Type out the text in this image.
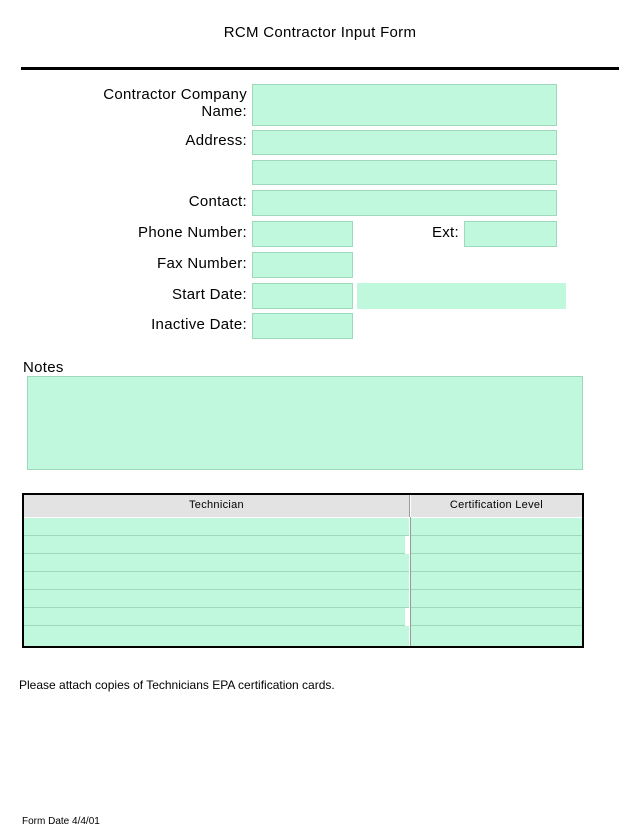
RCM Contractor Input Form
Contractor Company
Name:
Address:
Contact:
Phone Number:	Ext:
Fax Number:
Start Date:
Inactive Date:
Notes
Technician	Certification Level
Please attach copies of Technicians EPA certification cards.
Form Date 4/4/01
